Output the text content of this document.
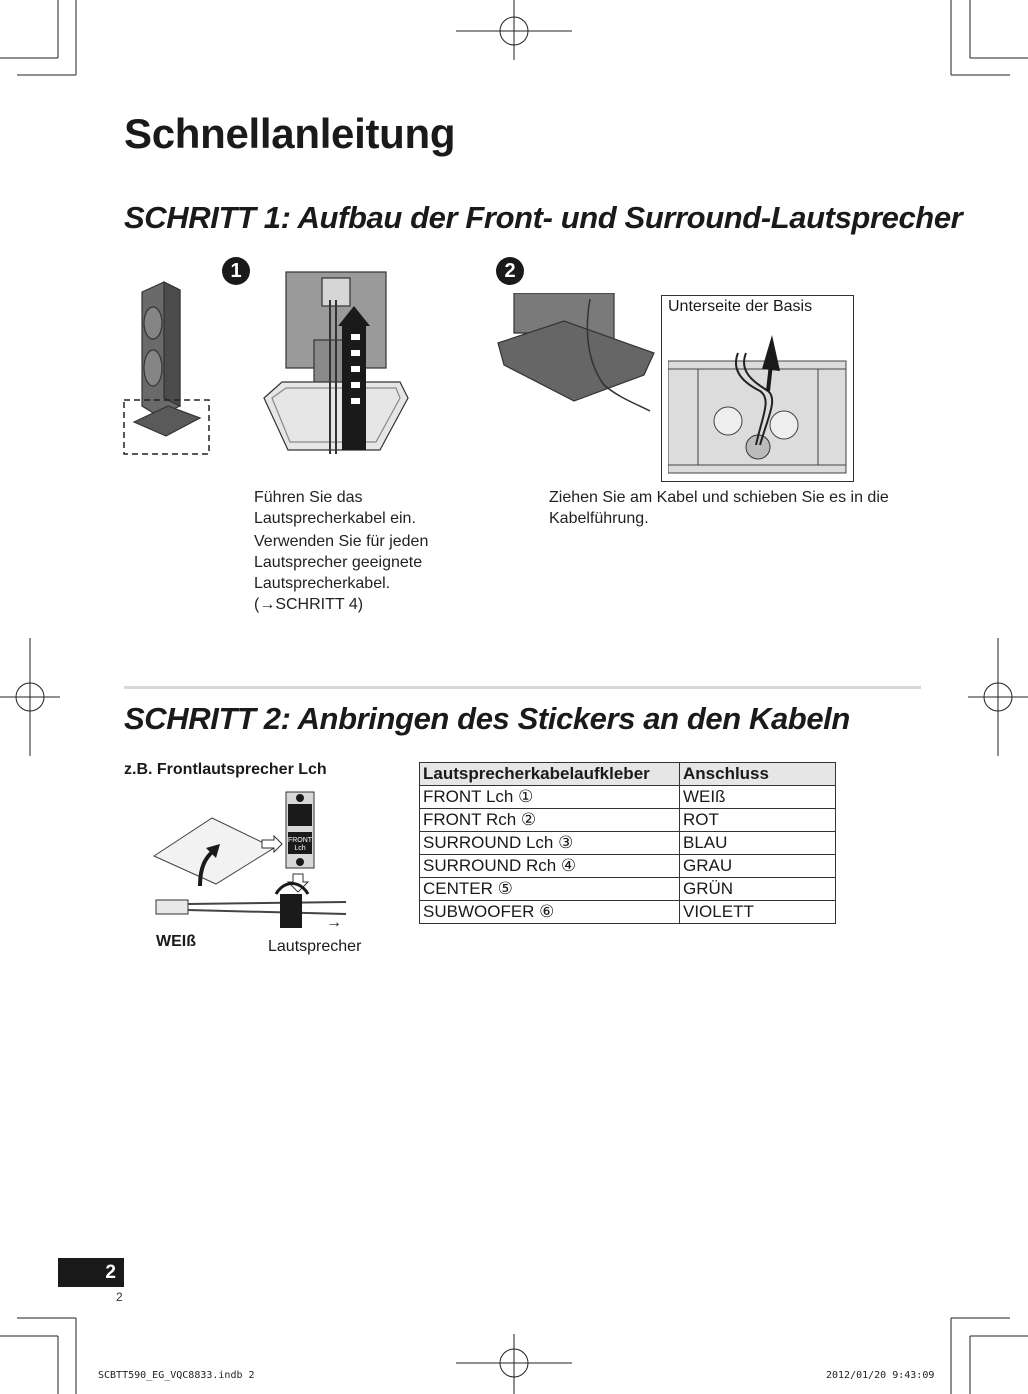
Schnellanleitung
SCHRITT 1: Aufbau der Front- und Surround-Lautsprecher
1	2
Unterseite der Basis

Führen Sie das Lautsprecherkabel ein.

Verwenden Sie für jeden Lautsprecher geeignete Lautsprecherkabel. (→SCHRITT 4)

Ziehen Sie am Kabel und schieben Sie es in die Kabelführung.
SCHRITT 2: Anbringen des Stickers an den Kabeln
z.B. Frontlautsprecher Lch
FRONT
Lch
WEIß
→
Lautsprecher
Lautsprecherkabelaufkleber	Anschluss
FRONT Lch ①	WEIß
FRONT Rch ②	ROT
SURROUND Lch ③	BLAU
SURROUND Rch ④	GRAU
CENTER ⑤	GRÜN
SUBWOOFER ⑥	VIOLETT
2
2
SCBTT590_EG_VQC8833.indb 2	2012/01/20 9:43:09
